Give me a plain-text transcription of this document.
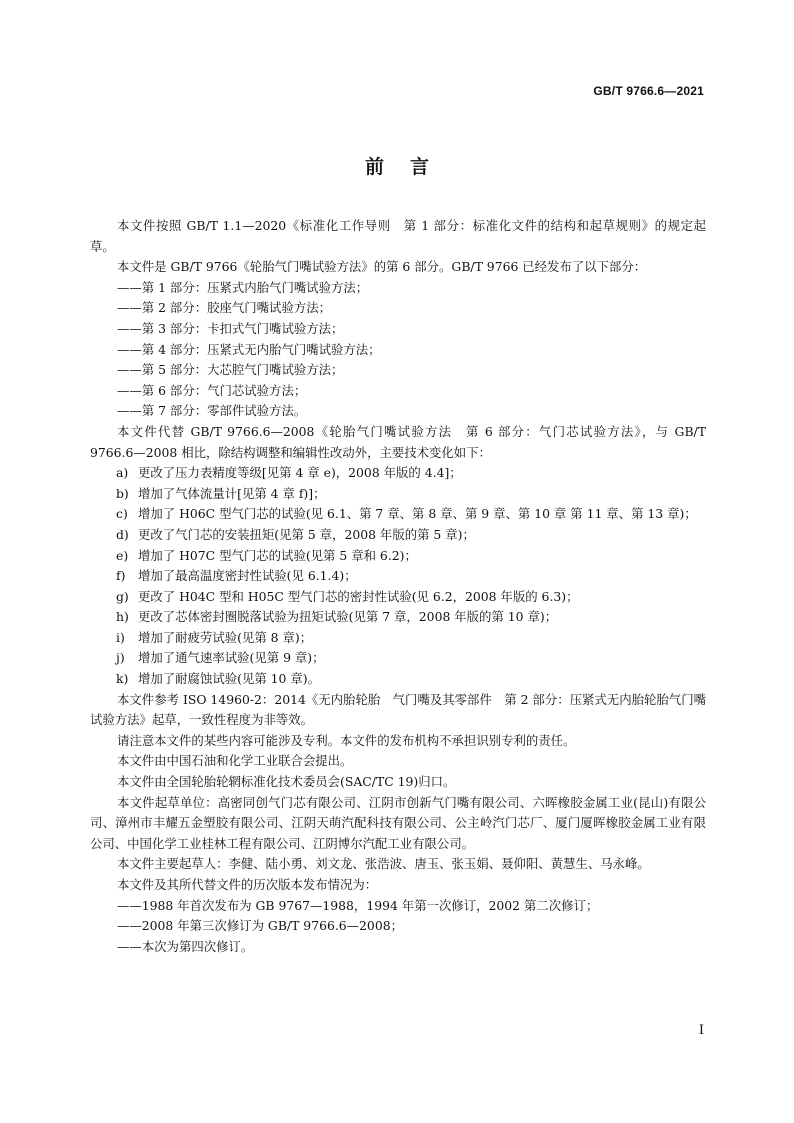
GB/T 9766.6—2021
前言

本文件按照 GB/T 1.1—2020《标准化工作导则　第 1 部分：标准化文件的结构和起草规则》的规定起草。

本文件是 GB/T 9766《轮胎气门嘴试验方法》的第 6 部分。GB/T 9766 已经发布了以下部分：

——第 1 部分：压紧式内胎气门嘴试验方法；

——第 2 部分：胶座气门嘴试验方法；

——第 3 部分：卡扣式气门嘴试验方法；

——第 4 部分：压紧式无内胎气门嘴试验方法；

——第 5 部分：大芯腔气门嘴试验方法；

——第 6 部分：气门芯试验方法；

——第 7 部分：零部件试验方法。

本文件代替 GB/T 9766.6—2008《轮胎气门嘴试验方法　第 6 部分：气门芯试验方法》，与 GB/T 9766.6—2008 相比，除结构调整和编辑性改动外，主要技术变化如下：

a) 更改了压力表精度等级[见第 4 章 e)，2008 年版的 4.4]；

b) 增加了气体流量计[见第 4 章 f)]；

c) 增加了 H06C 型气门芯的试验(见 6.1、第 7 章、第 8 章、第 9 章、第 10 章 第 11 章、第 13 章)；

d) 更改了气门芯的安装扭矩(见第 5 章，2008 年版的第 5 章)；

e) 增加了 H07C 型气门芯的试验(见第 5 章和 6.2)；

f) 增加了最高温度密封性试验(见 6.1.4)；

g) 更改了 H04C 型和 H05C 型气门芯的密封性试验(见 6.2，2008 年版的 6.3)；

h) 更改了芯体密封圈脱落试验为扭矩试验(见第 7 章，2008 年版的第 10 章)；

i) 增加了耐疲劳试验(见第 8 章)；

j) 增加了通气速率试验(见第 9 章)；

k) 增加了耐腐蚀试验(见第 10 章)。

本文件参考 ISO 14960-2：2014《无内胎轮胎　气门嘴及其零部件　第 2 部分：压紧式无内胎轮胎气门嘴试验方法》起草，一致性程度为非等效。

请注意本文件的某些内容可能涉及专利。本文件的发布机构不承担识别专利的责任。

本文件由中国石油和化学工业联合会提出。

本文件由全国轮胎轮辋标准化技术委员会(SAC/TC 19)归口。

本文件起草单位：高密同创气门芯有限公司、江阴市创新气门嘴有限公司、六晖橡胶金属工业(昆山)有限公司、漳州市丰耀五金塑胶有限公司、江阴天萌汽配科技有限公司、公主岭汽门芯厂、厦门厦晖橡胶金属工业有限公司、中国化学工业桂林工程有限公司、江阴博尔汽配工业有限公司。

本文件主要起草人：李健、陆小勇、刘文龙、张浩波、唐玉、张玉娟、聂仰阳、黄慧生、马永峰。

本文件及其所代替文件的历次版本发布情况为：

——1988 年首次发布为 GB 9767—1988，1994 年第一次修订，2002 第二次修订；

——2008 年第三次修订为 GB/T 9766.6—2008；

——本次为第四次修订。

I
